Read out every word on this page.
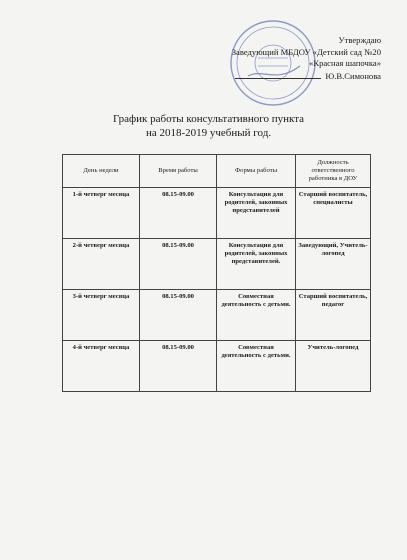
Утверждаю
Заведующий МБДОУ «Детский сад №20
«Красная шапочка»
Ю.В.Симонова
График работы консультативного пункта
на 2018-2019 учебный год.
День недели	Время работы	Формы работы	Должность ответственного работника в ДОУ
1-й четверг месяца	08.15-09.00	Консультация для родителей, законных представителей	Старший воспитатель, специалисты
2-й четверг месяца	08.15-09.00	Консультация для родителей, законных представителей.	Заведующий, Учитель-логопед
3-й четверг месяца	08.15-09.00	Совместная деятельность с детьми.	Старший воспитатель, педагог
4-й четверг месяца	08.15-09.00	Совместная деятельность с детьми.	Учитель-логопед
